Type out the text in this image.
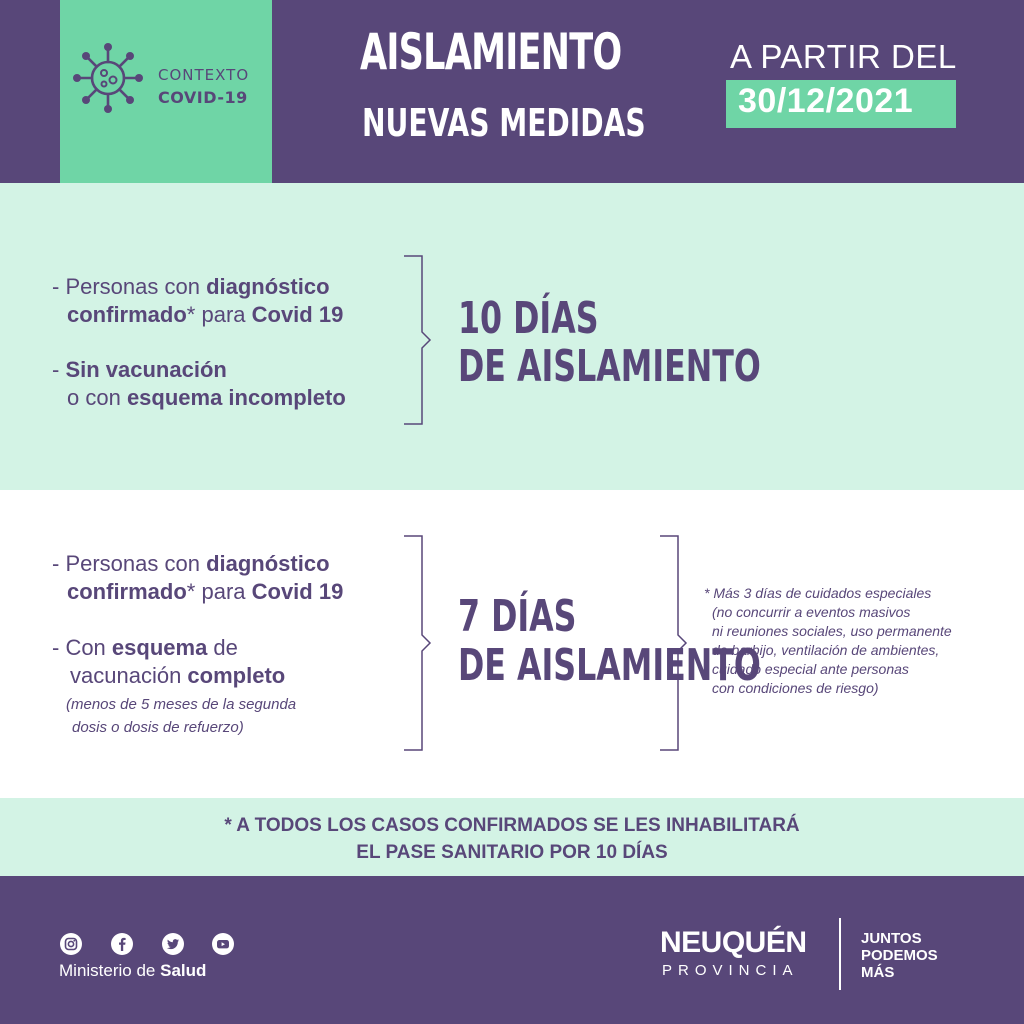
CONTEXTO
COVID-19
AISLAMIENTO
NUEVAS MEDIDAS
A PARTIR DEL
30/12/2021
- Personas con diagnóstico
confirmado* para Covid 19
- Sin vacunación
o con esquema incompleto
10 DÍAS
DE AISLAMIENTO
- Personas con diagnóstico
confirmado* para Covid 19
- Con esquema de
vacunación completo
(menos de 5 meses de la segunda
dosis o dosis de refuerzo)
7 DÍAS
DE AISLAMIENTO
* Más 3 días de cuidados especiales
(no concurrir a eventos masivos
ni reuniones sociales, uso permanente
de barbijo, ventilación de ambientes,
cuidado especial ante personas
con condiciones de riesgo)
* A TODOS LOS CASOS CONFIRMADOS SE LES INHABILITARÁ
EL PASE SANITARIO POR 10 DÍAS
Ministerio de Salud
NEUQUÉN
PROVINCIA
JUNTOS
PODEMOS
MÁS
